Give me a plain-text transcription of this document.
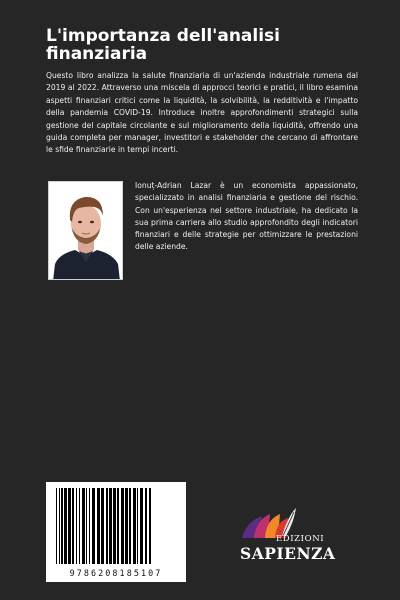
L'importanza dell'analisi finanziaria

Questo libro analizza la salute finanziaria di un'azienda industriale rumena dal 2019 al 2022. Attraverso una miscela di approcci teorici e pratici, il libro esamina aspetti finanziari critici come la liquidità, la solvibilità, la redditività e l'impatto della pandemia COVID-19. Introduce inoltre approfondimenti strategici sulla gestione del capitale circolante e sul miglioramento della liquidità, offrendo una guida completa per manager, investitori e stakeholder che cercano di affrontare le sfide finanziarie in tempi incerti.

Ionuț-Adrian Lazar è un economista appassionato, specializzato in analisi finanziaria e gestione del rischio. Con un'esperienza nel settore industriale, ha dedicato la sua prima carriera allo studio approfondito degli indicatori finanziari e delle strategie per ottimizzare le prestazioni delle aziende.

9786208185107
EDIZIONI
SAPIENZA
